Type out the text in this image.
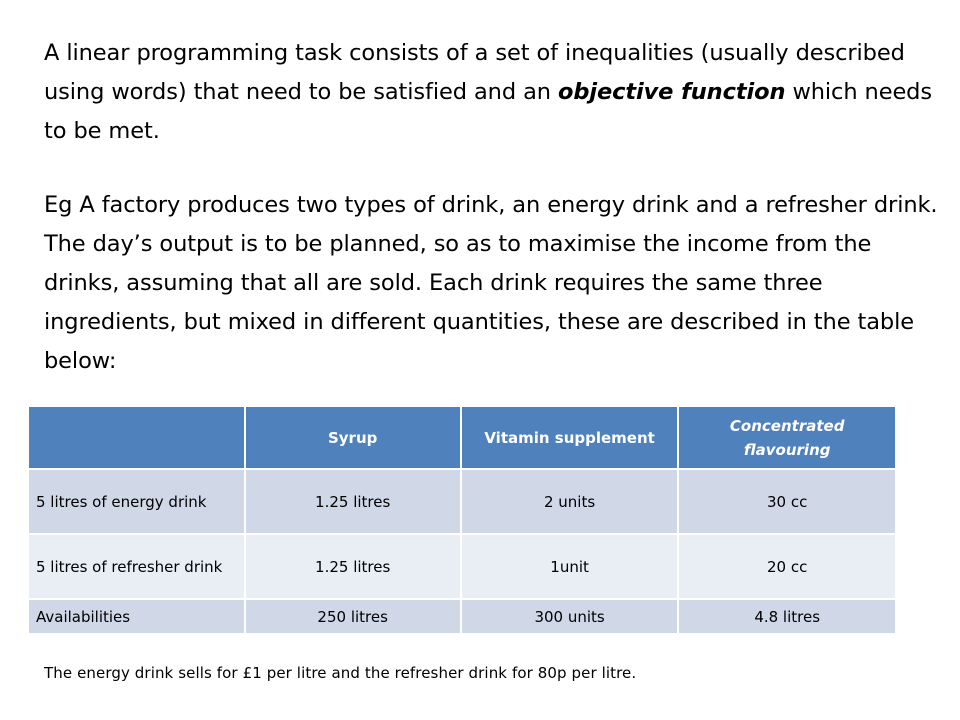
A linear programming task consists of a set of inequalities (usually described using words) that need to be satisfied and an objective function which needs to be met.

Eg A factory produces two types of drink, an energy drink and a refresher drink. The day’s output is to be planned, so as to maximise the income from the drinks, assuming that all are sold. Each drink requires the same three ingredients, but mixed in different quantities, these are described in the table below:

	Syrup	Vitamin supplement	Concentrated flavouring
5 litres of energy drink	1.25 litres	2 units	30 cc
5 litres of refresher drink	1.25 litres	1unit	20 cc
Availabilities	250 litres	300 units	4.8 litres

The energy drink sells for £1 per litre and the refresher drink for 80p per litre.
